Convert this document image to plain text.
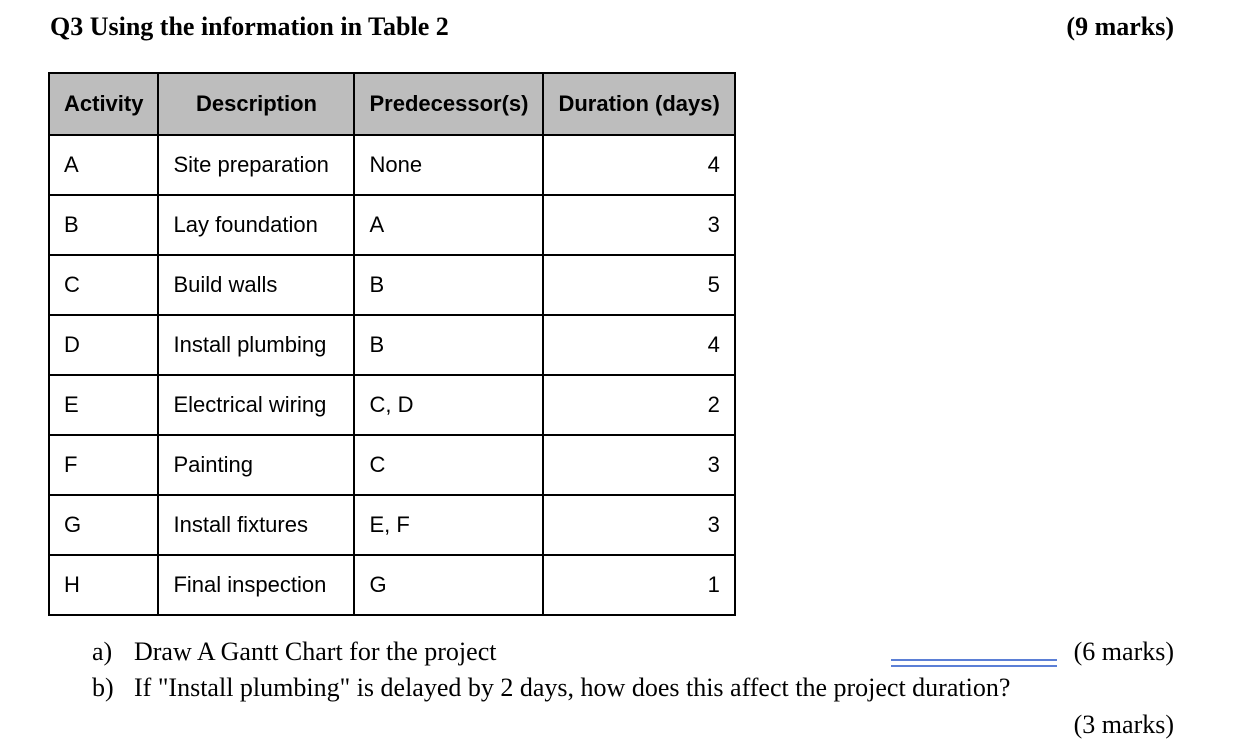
Q3 Using the information in Table 2	(9 marks)
Activity	Description	Predecessor(s)	Duration (days)
A	Site preparation	None	4
B	Lay foundation	A	3
C	Build walls	B	5
D	Install plumbing	B	4
E	Electrical wiring	C, D	2
F	Painting	C	3
G	Install fixtures	E, F	3
H	Final inspection	G	1
a) Draw A Gantt Chart for the project	(6 marks)
b) If "Install plumbing" is delayed by 2 days, how does this affect the project duration?
(3 marks)
